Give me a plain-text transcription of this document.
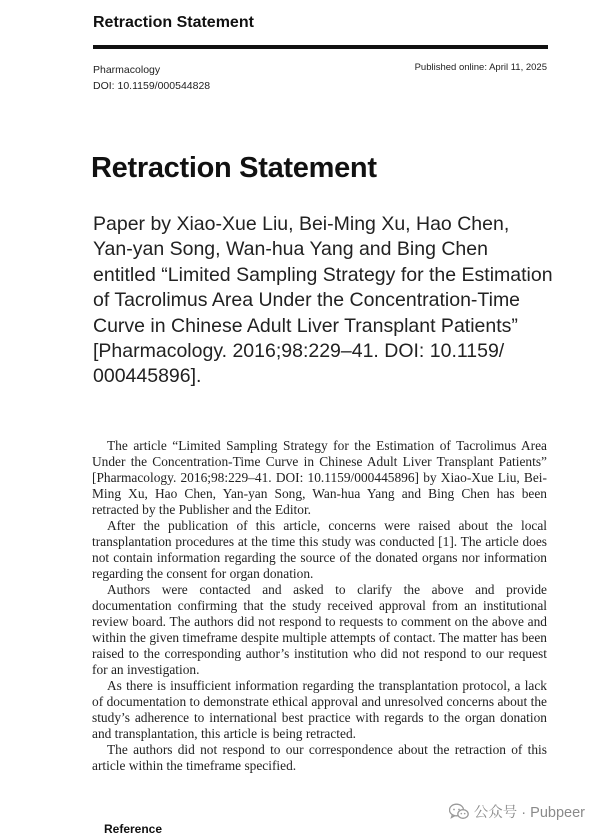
Retraction Statement
Pharmacology
DOI: 10.1159/000544828
Published online: April 11, 2025
Retraction Statement
Paper by Xiao-Xue Liu, Bei-Ming Xu, Hao Chen, Yan-yan Song, Wan-hua Yang and Bing Chen entitled “Limited Sampling Strategy for the Estimation of Tacrolimus Area Under the Concentration-Time Curve in Chinese Adult Liver Transplant Patients” [Pharmacology. 2016;98:229–41. DOI: 10.1159/ 000445896].

The article “Limited Sampling Strategy for the Estimation of Tacrolimus Area Under the Concentration-Time Curve in Chinese Adult Liver Transplant Patients” [Pharmacology. 2016;98:229–41. DOI: 10.1159/000445896] by Xiao-Xue Liu, Bei-Ming Xu, Hao Chen, Yan-yan Song, Wan-hua Yang and Bing Chen has been retracted by the Publisher and the Editor.

After the publication of this article, concerns were raised about the local transplantation procedures at the time this study was conducted [1]. The article does not contain information regarding the source of the donated organs nor information regarding the consent for organ donation.

Authors were contacted and asked to clarify the above and provide documentation confirming that the study received approval from an institutional review board. The authors did not respond to requests to comment on the above and within the given timeframe despite multiple attempts of contact. The matter has been raised to the corresponding author’s institution who did not respond to our request for an investigation.

As there is insufficient information regarding the transplantation protocol, a lack of documentation to demonstrate ethical approval and unresolved concerns about the study’s adherence to international best practice with regards to the organ donation and transplantation, this article is being retracted.

The authors did not respond to our correspondence about the retraction of this article within the timeframe specified.

公众号 · Pubpeer
Reference
